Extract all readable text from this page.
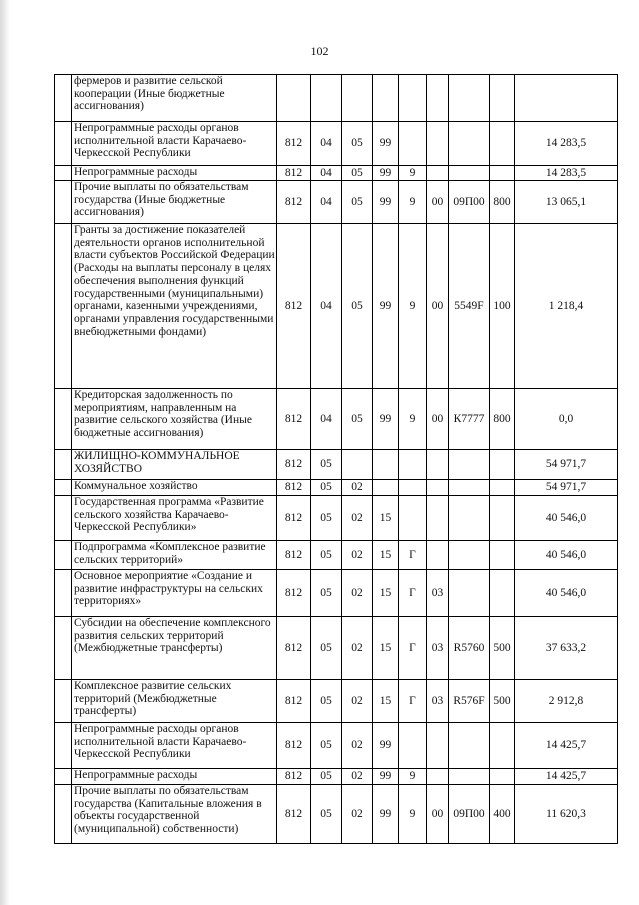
102
	фермеров и развитие сельской кооперации (Иные бюджетные ассигнования)									
	Непрограммные расходы органов исполнительной власти Карачаево-Черкесской Республики	812	04	05	99					14 283,5
	Непрограммные расходы	812	04	05	99	9				14 283,5
	Прочие выплаты по обязательствам государства (Иные бюджетные ассигнования)	812	04	05	99	9	00	09П00	800	13 065,1
	Гранты за достижение показателей деятельности органов исполнительной власти субъектов Российской Федерации (Расходы на выплаты персоналу в целях обеспечения выполнения функций государственными (муниципальными) органами, казенными учреждениями, органами управления государственными внебюджетными фондами)	812	04	05	99	9	00	5549F	100	1 218,4
	Кредиторская задолженность по мероприятиям, направленным на развитие сельского хозяйства (Иные бюджетные ассигнования)	812	04	05	99	9	00	К7777	800	0,0
	ЖИЛИЩНО-КОММУНАЛЬНОЕ ХОЗЯЙСТВО	812	05							54 971,7
	Коммунальное хозяйство	812	05	02						54 971,7
	Государственная программа «Развитие сельского хозяйства Карачаево-Черкесской Республики»	812	05	02	15					40 546,0
	Подпрограмма «Комплексное развитие сельских территорий»	812	05	02	15	Г				40 546,0
	Основное мероприятие «Создание и развитие инфраструктуры на сельских территориях»	812	05	02	15	Г	03			40 546,0
	Субсидии на обеспечение комплексного развития сельских территорий (Межбюджетные трансферты)	812	05	02	15	Г	03	R5760	500	37 633,2
	Комплексное развитие сельских территорий (Межбюджетные трансферты)	812	05	02	15	Г	03	R576F	500	2 912,8
	Непрограммные расходы органов исполнительной власти Карачаево-Черкесской Республики	812	05	02	99					14 425,7
	Непрограммные расходы	812	05	02	99	9				14 425,7
	Прочие выплаты по обязательствам государства (Капитальные вложения в объекты государственной (муниципальной) собственности)	812	05	02	99	9	00	09П00	400	11 620,3
